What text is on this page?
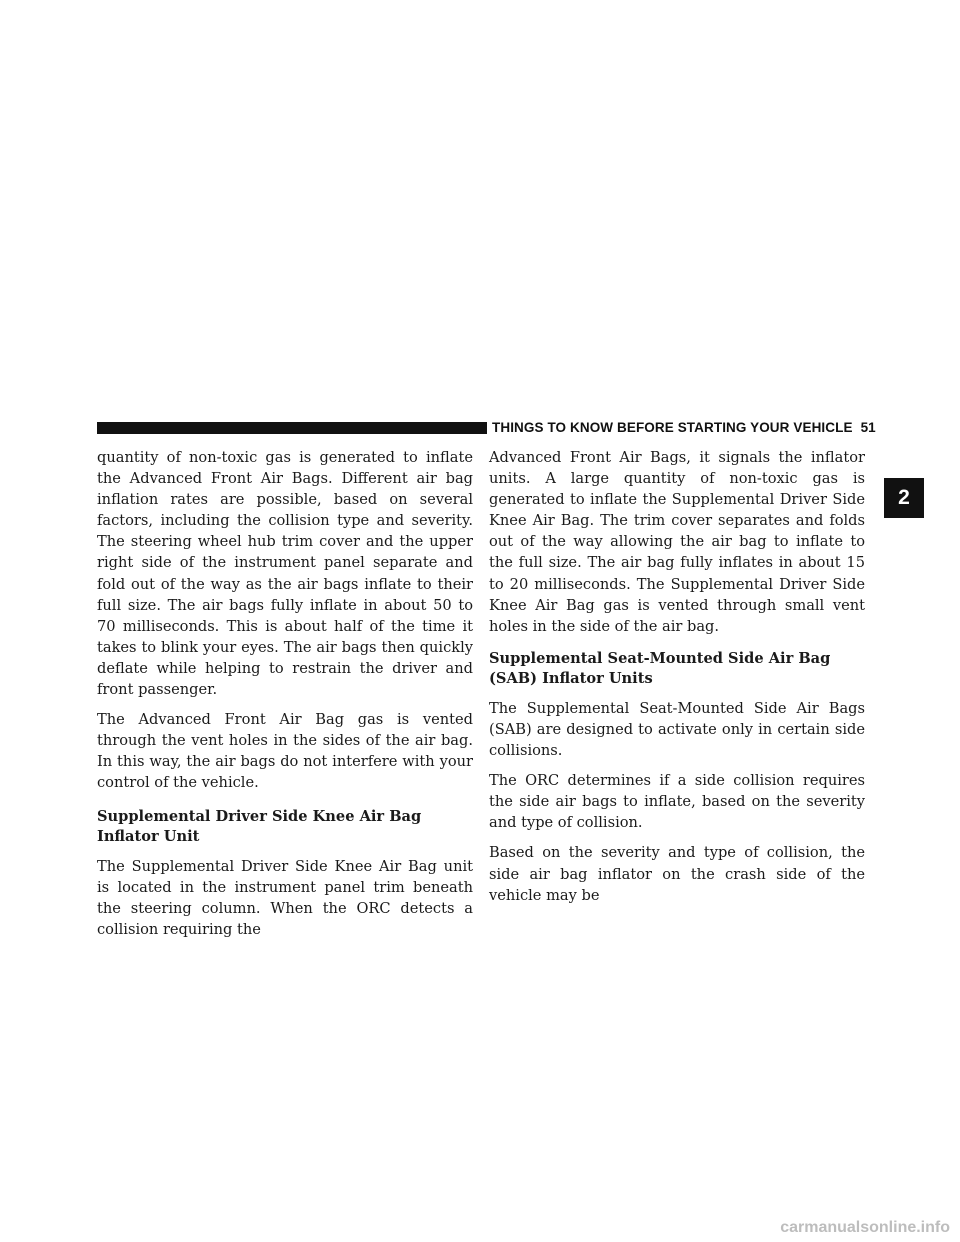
THINGS TO KNOW BEFORE STARTING YOUR VEHICLE 51
2

quantity of non-toxic gas is generated to inflate the Advanced Front Air Bags. Different air bag inflation rates are possible, based on several factors, including the collision type and severity. The steering wheel hub trim cover and the upper right side of the instrument panel separate and fold out of the way as the air bags inflate to their full size. The air bags fully inflate in about 50 to 70 milliseconds. This is about half of the time it takes to blink your eyes. The air bags then quickly deflate while helping to restrain the driver and front passenger.

The Advanced Front Air Bag gas is vented through the vent holes in the sides of the air bag. In this way, the air bags do not interfere with your control of the vehicle.

Supplemental Driver Side Knee Air Bag Inflator Unit

The Supplemental Driver Side Knee Air Bag unit is located in the instrument panel trim beneath the steering column. When the ORC detects a collision requiring the

Advanced Front Air Bags, it signals the inflator units. A large quantity of non-toxic gas is generated to inflate the Supplemental Driver Side Knee Air Bag. The trim cover separates and folds out of the way allowing the air bag to inflate to the full size. The air bag fully inflates in about 15 to 20 milliseconds. The Supplemental Driver Side Knee Air Bag gas is vented through small vent holes in the side of the air bag.

Supplemental Seat-Mounted Side Air Bag (SAB) Inflator Units

The Supplemental Seat-Mounted Side Air Bags (SAB) are designed to activate only in certain side collisions.

The ORC determines if a side collision requires the side air bags to inflate, based on the severity and type of collision.

Based on the severity and type of collision, the side air bag inflator on the crash side of the vehicle may be

carmanualsonline.info
